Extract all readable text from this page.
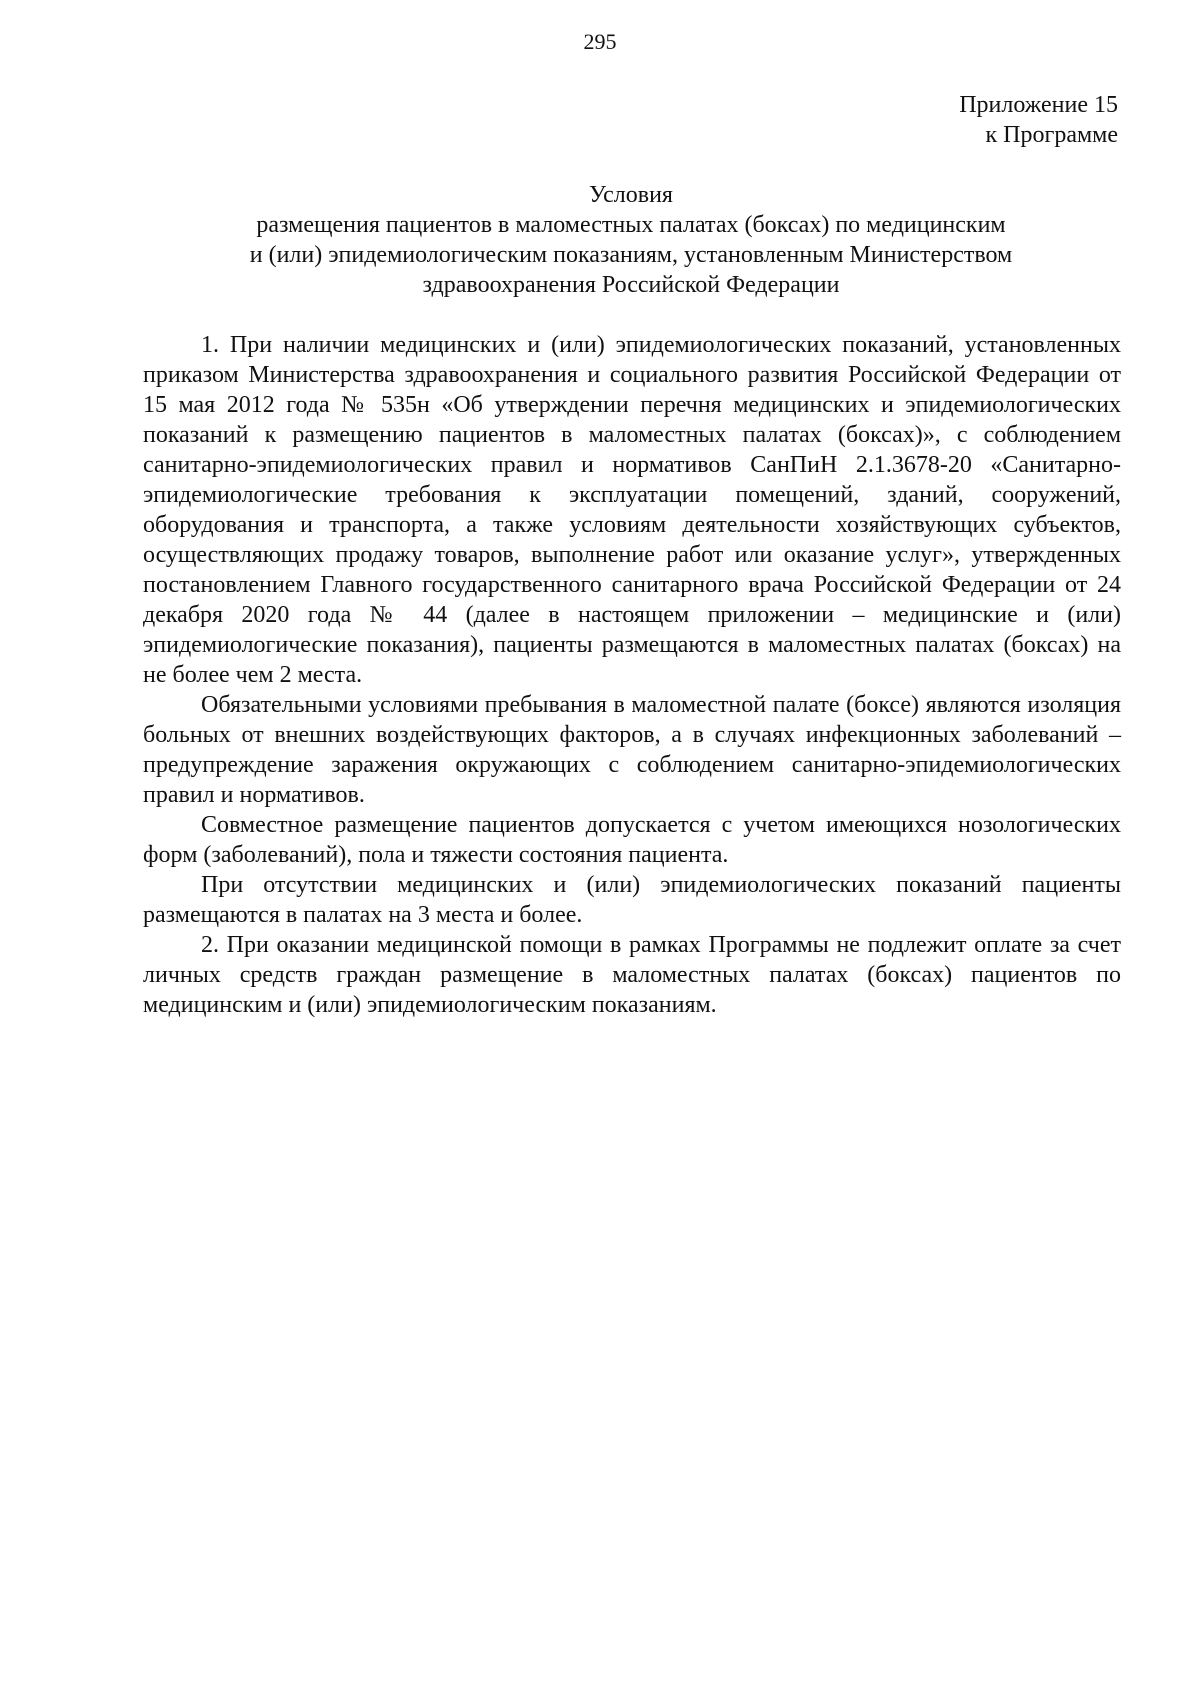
295
Приложение 15
к Программе
Условия
размещения пациентов в маломестных палатах (боксах) по медицинским
и (или) эпидемиологическим показаниям, установленным Министерством
здравоохранения Российской Федерации

1. При наличии медицинских и (или) эпидемиологических показаний, установленных приказом Министерства здравоохранения и социального развития Российской Федерации от 15 мая 2012 года № 535н «Об утверждении перечня медицинских и эпидемиологических показаний к размещению пациентов в маломестных палатах (боксах)», с соблюдением санитарно-эпидемиологических правил и нормативов СанПиН 2.1.3678-20 «Санитарно-эпидемиологические требования к эксплуатации помещений, зданий, сооружений, оборудования и транспорта, а также условиям деятельности хозяйствующих субъектов, осуществляющих продажу товаров, выполнение работ или оказание услуг», утвержденных постановлением Главного государственного санитарного врача Российской Федерации от 24 декабря 2020 года № 44 (далее в настоящем приложении – медицинские и (или) эпидемиологические показания), пациенты размещаются в маломестных палатах (боксах) на не более чем 2 места.

Обязательными условиями пребывания в маломестной палате (боксе) являются изоляция больных от внешних воздействующих факторов, а в случаях инфекционных заболеваний – предупреждение заражения окружающих с соблюдением санитарно-эпидемиологических правил и нормативов.

Совместное размещение пациентов допускается с учетом имеющихся нозологических форм (заболеваний), пола и тяжести состояния пациента.

При отсутствии медицинских и (или) эпидемиологических показаний пациенты размещаются в палатах на 3 места и более.

2. При оказании медицинской помощи в рамках Программы не подлежит оплате за счет личных средств граждан размещение в маломестных палатах (боксах) пациентов по медицинским и (или) эпидемиологическим показаниям.
